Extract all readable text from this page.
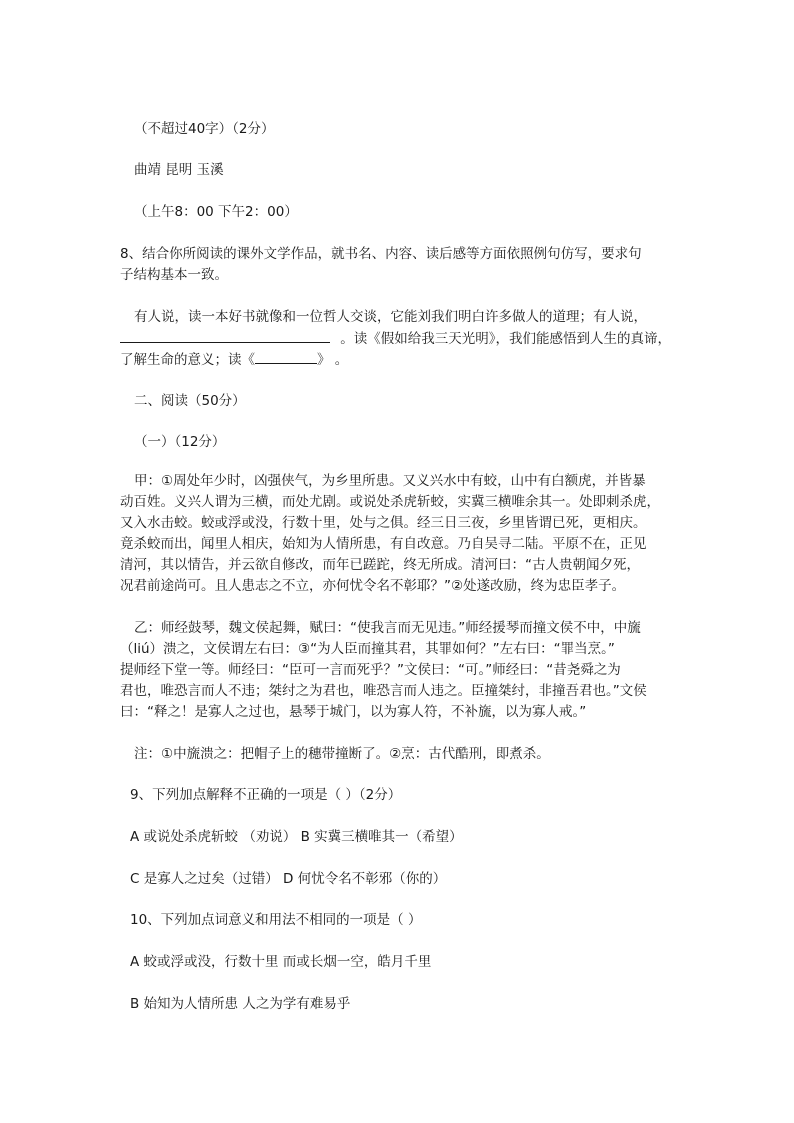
（不超过40字）（2分）
曲靖 昆明 玉溪
（上午8：00 下午2：00）
8、结合你所阅读的课外文学作品，就书名、内容、读后感等方面依照例句仿写，要求句
子结构基本一致。
有人说，读一本好书就像和一位哲人交谈，它能刘我们明白许多做人的道理；有人说，
。读《假如给我三天光明》，我们能感悟到人生的真谛，
了解生命的意义；读《	》 。
二、阅读（50分）
（一）（12分）
甲：①周处年少时，凶强侠气，为乡里所患。又义兴水中有蛟，山中有白额虎，并皆暴
动百姓。义兴人谓为三横，而处尤剧。或说处杀虎斩蛟，实冀三横唯余其一。处即刺杀虎，
又入水击蛟。蛟或浮或没，行数十里，处与之俱。经三日三夜，乡里皆谓已死，更相庆。
竟杀蛟而出，闻里人相庆，始知为人情所患，有自改意。乃自吴寻二陆。平原不在，正见
清河，其以情告，并云欲自修改，而年已蹉跎，终无所成。清河曰：“古人贵朝闻夕死，
况君前途尚可。且人患志之不立，亦何忧令名不彰耶？”②处遂改励，终为忠臣孝子。
乙：师经鼓琴，魏文侯起舞，赋曰：“使我言而无见违。”师经援琴而撞文侯不中，中旒
（liú）溃之，文侯谓左右曰：③“为人臣而撞其君，其罪如何？”左右曰：“罪当烹。”
提师经下堂一等。师经曰：“臣可一言而死乎？”文侯曰：“可。”师经曰：“昔尧舜之为
君也，唯恐言而人不违；桀纣之为君也，唯恐言而人违之。臣撞桀纣，非撞吾君也。”文侯
曰：“释之！是寡人之过也，悬琴于城门，以为寡人符，不补旒，以为寡人戒。”
注：①中旒溃之：把帽子上的穗带撞断了。②烹：古代酷刑，即煮杀。
9、下列加点解释不正确的一项是（ ）（2分）
A 或说处杀虎斩蛟 （劝说） B 实冀三横唯其一（希望）
C 是寡人之过矣（过错） D 何忧令名不彰邪（你的）
10、下列加点词意义和用法不相同的一项是（ ）
A 蛟或浮或没，行数十里 而或长烟一空，皓月千里
B 始知为人情所患 人之为学有难易乎
